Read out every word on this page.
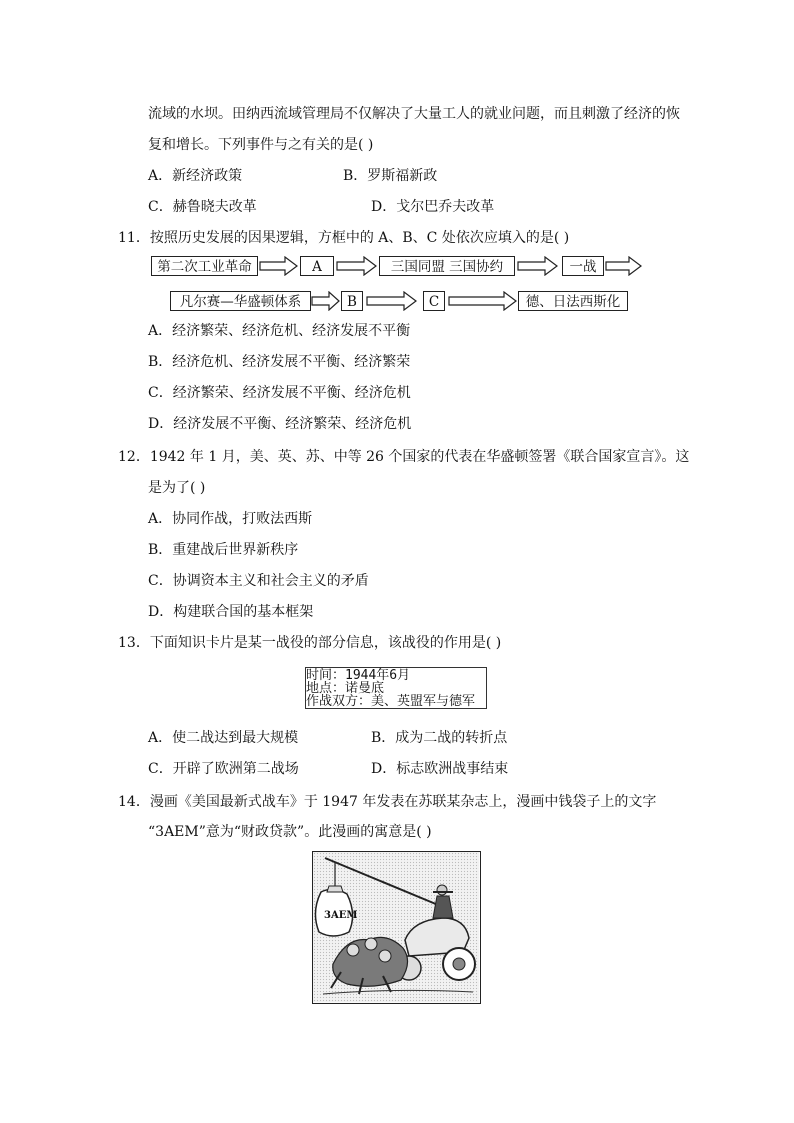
流域的水坝。田纳西流域管理局不仅解决了大量工人的就业问题，而且刺激了经济的恢
复和增长。下列事件与之有关的是( )
A．新经济政策	B．罗斯福新政
C．赫鲁晓夫改革	D．戈尔巴乔夫改革
11．按照历史发展的因果逻辑，方框中的 A、B、C 处依次应填入的是( )
第二次工业革命	A	三国同盟 三国协约	一战
凡尔赛—华盛顿体系	B	C	德、日法西斯化
A．经济繁荣、经济危机、经济发展不平衡
B．经济危机、经济发展不平衡、经济繁荣
C．经济繁荣、经济发展不平衡、经济危机
D．经济发展不平衡、经济繁荣、经济危机
12．1942 年 1 月，美、英、苏、中等 26 个国家的代表在华盛顿签署《联合国家宣言》。这
是为了( )
A．协同作战，打败法西斯
B．重建战后世界新秩序
C．协调资本主义和社会主义的矛盾
D．构建联合国的基本框架
13．下面知识卡片是某一战役的部分信息，该战役的作用是( )
时间：1944年6月
地点：诺曼底
作战双方：美、英盟军与德军
A．使二战达到最大规模	B．成为二战的转折点
C．开辟了欧洲第二战场	D．标志欧洲战事结束
14．漫画《美国最新式战车》于 1947 年发表在苏联某杂志上，漫画中钱袋子上的文字
“3AEM”意为“财政贷款”。此漫画的寓意是( )
3AEM
